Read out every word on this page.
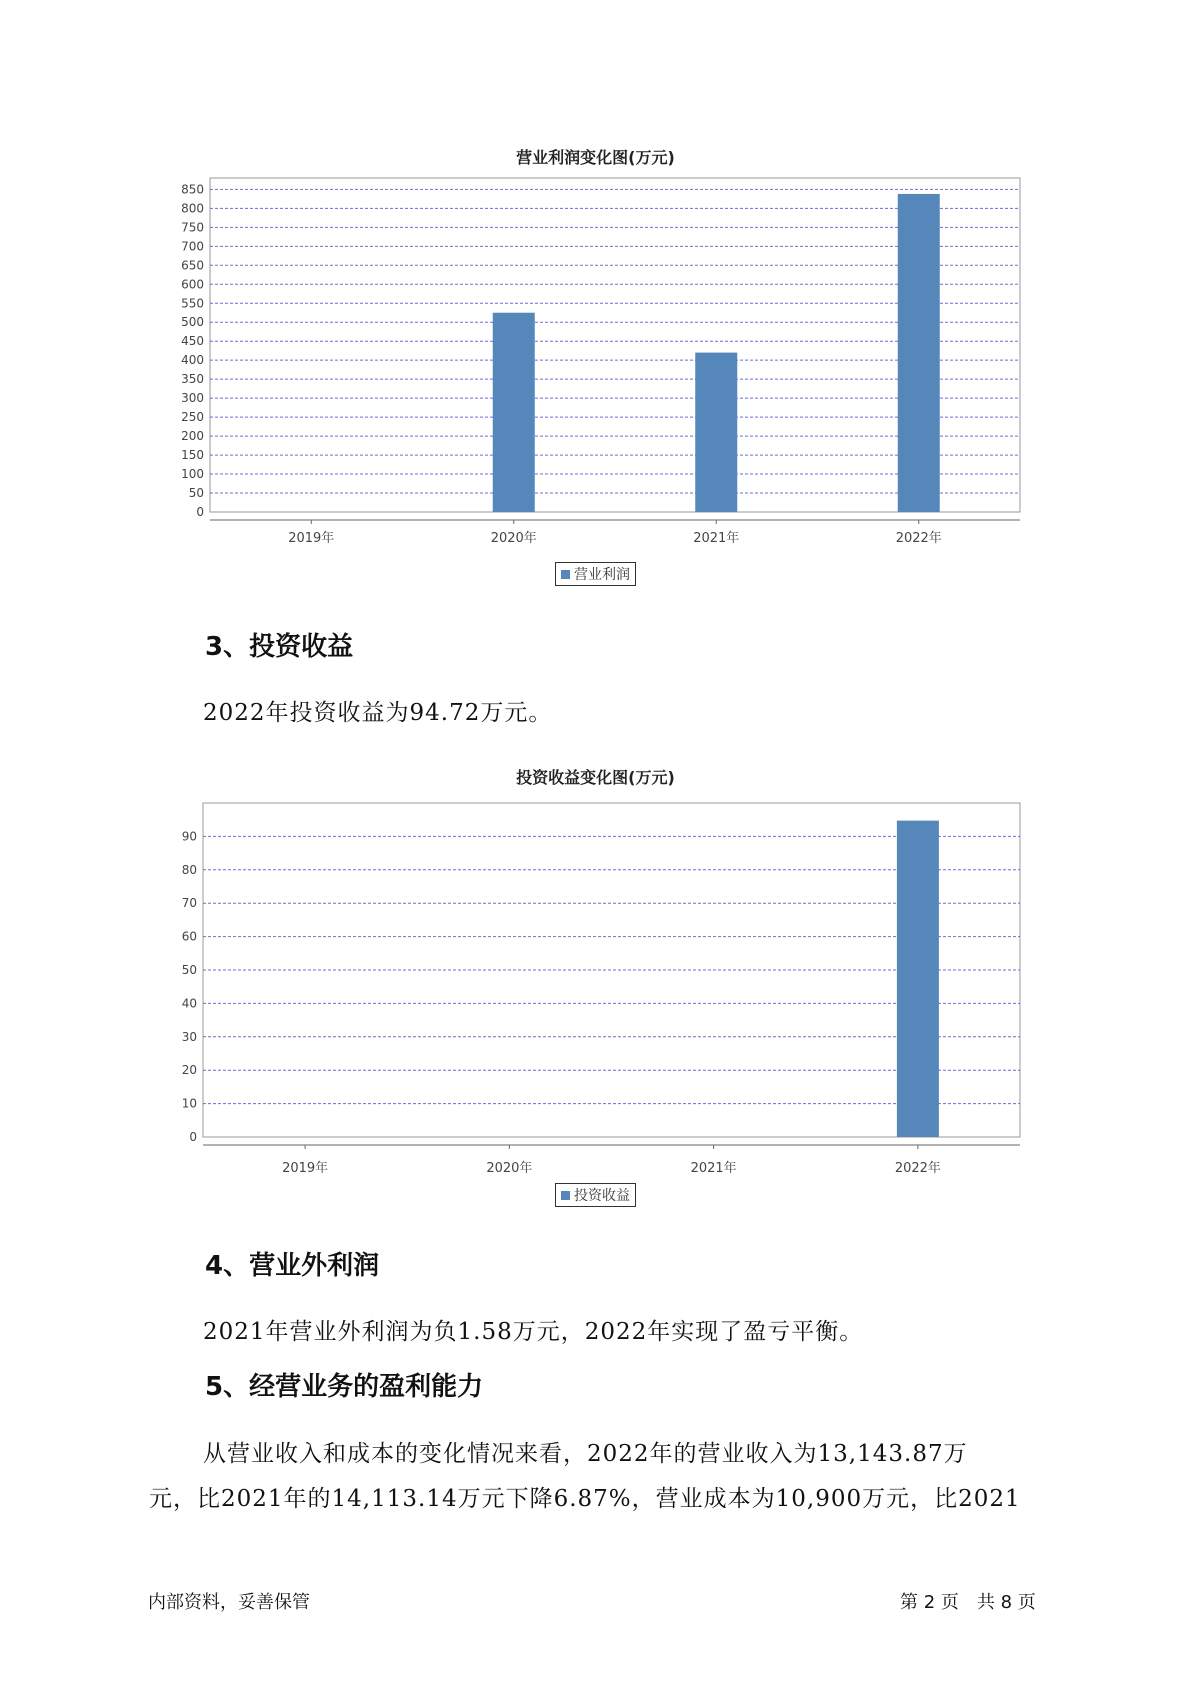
营业利润变化图(万元)
0
50
100
150
200
250
300
350
400
450
500
550
600
650
700
750
800
850
2019年	2020年	2021年	2022年
营业利润
3、投资收益
2022年投资收益为94.72万元。
投资收益变化图(万元)
0
10
20
30
40
50
60
70
80
90
2019年	2020年	2021年	2022年
投资收益
4、营业外利润
2021年营业外利润为负1.58万元，2022年实现了盈亏平衡。
5、经营业务的盈利能力
从营业收入和成本的变化情况来看，2022年的营业收入为13,143.87万
元，比2021年的14,113.14万元下降6.87%，营业成本为10,900万元，比2021
内部资料，妥善保管	第 2 页　共 8 页
